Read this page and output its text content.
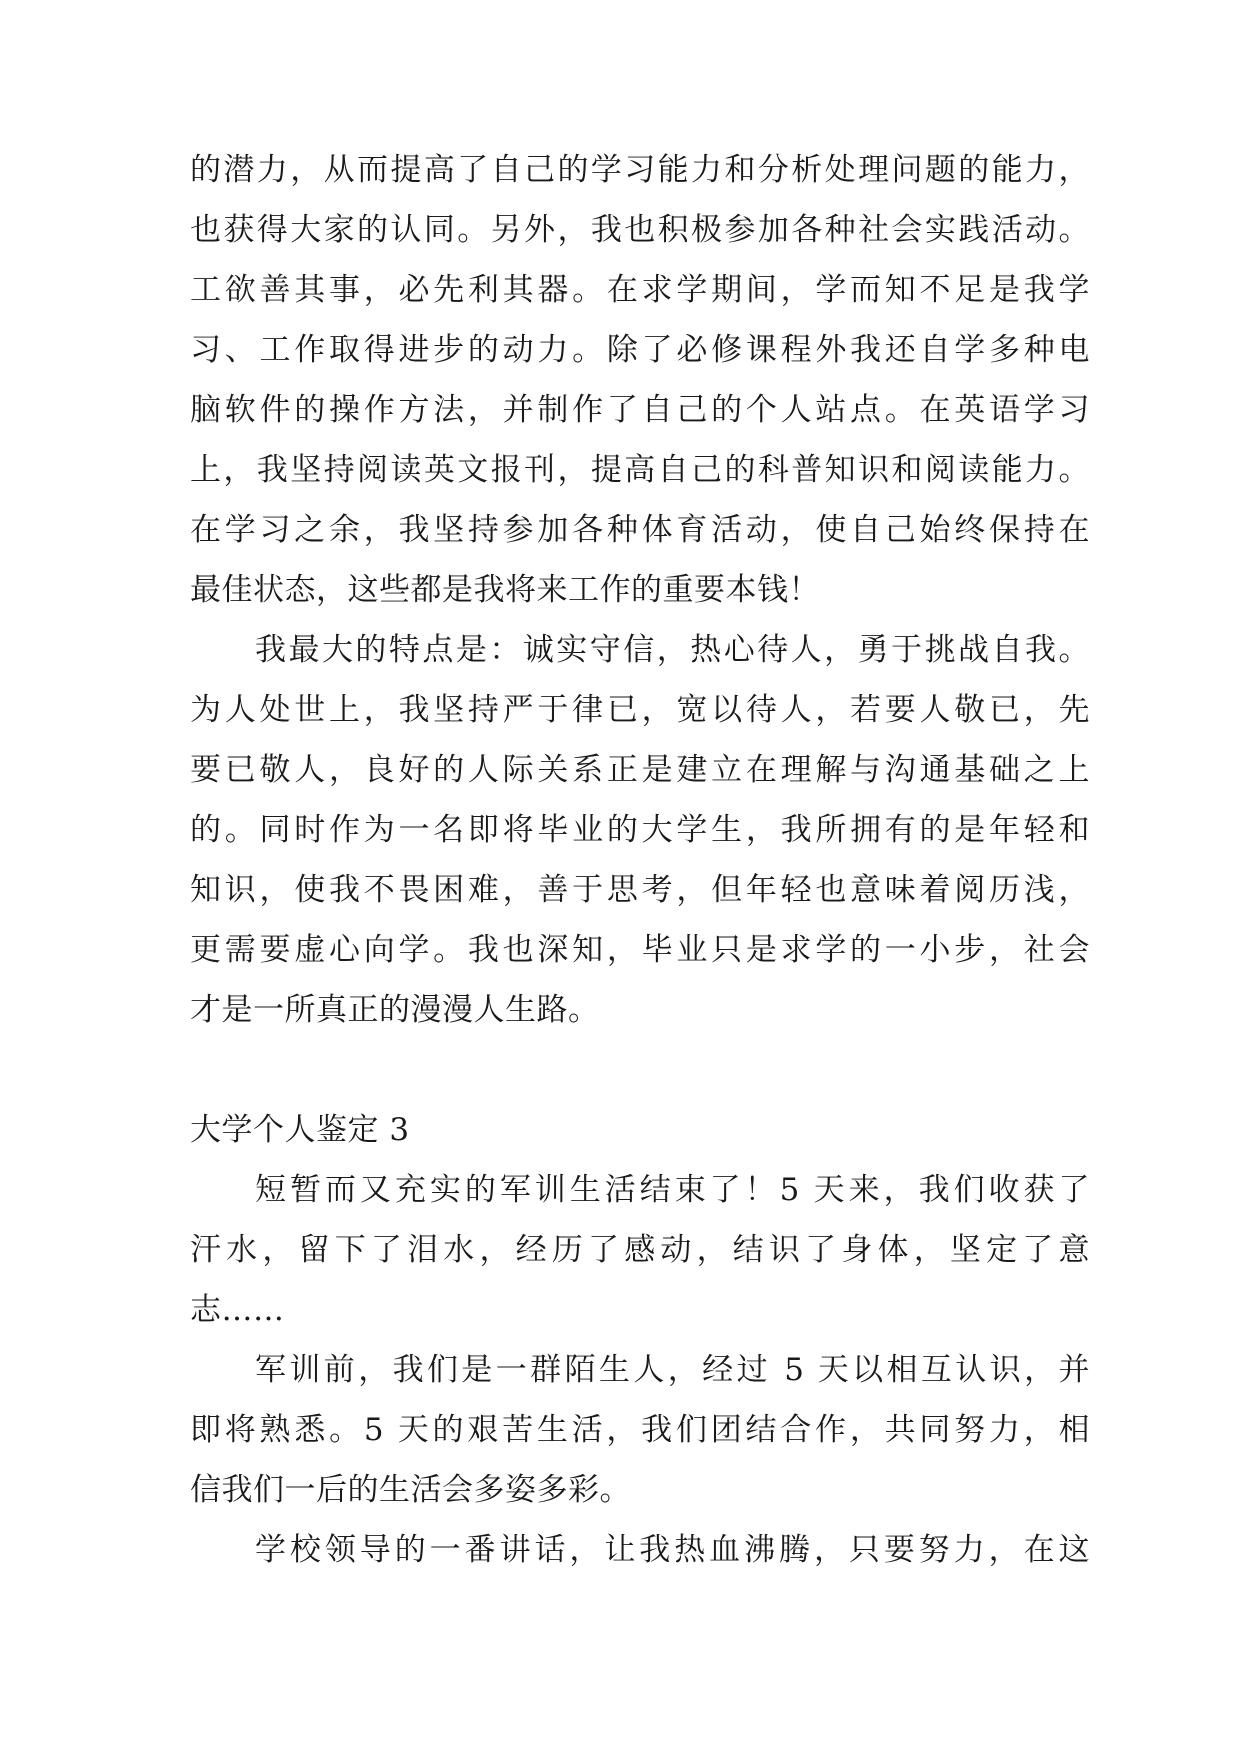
的潜力，从而提高了自己的学习能力和分析处理问题的能力，
也获得大家的认同。另外，我也积极参加各种社会实践活动。
工欲善其事，必先利其器。在求学期间，学而知不足是我学
习、工作取得进步的动力。除了必修课程外我还自学多种电
脑软件的操作方法，并制作了自己的个人站点。在英语学习
上，我坚持阅读英文报刊，提高自己的科普知识和阅读能力。
在学习之余，我坚持参加各种体育活动，使自己始终保持在
最佳状态，这些都是我将来工作的重要本钱！
我最大的特点是：诚实守信，热心待人，勇于挑战自我。
为人处世上，我坚持严于律已，宽以待人，若要人敬已，先
要已敬人，良好的人际关系正是建立在理解与沟通基础之上
的。同时作为一名即将毕业的大学生，我所拥有的是年轻和
知识，使我不畏困难，善于思考，但年轻也意味着阅历浅，
更需要虚心向学。我也深知，毕业只是求学的一小步，社会
才是一所真正的漫漫人生路。
大学个人鉴定 3
短暂而又充实的军训生活结束了！5 天来，我们收获了
汗水，留下了泪水，经历了感动，结识了身体，坚定了意
志……
军训前，我们是一群陌生人，经过 5 天以相互认识，并
即将熟悉。5 天的艰苦生活，我们团结合作，共同努力，相
信我们一后的生活会多姿多彩。
学校领导的一番讲话，让我热血沸腾，只要努力，在这
